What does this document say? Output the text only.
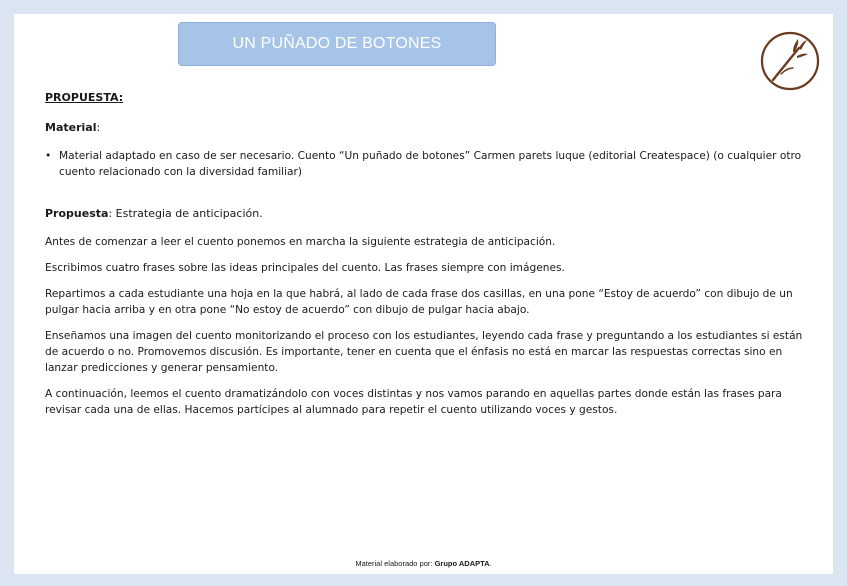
UN PUÑADO DE BOTONES

PROPUESTA:

Material:

• Material adaptado en caso de ser necesario. Cuento “Un puñado de botones” Carmen parets luque (editorial Createspace) (o cualquier otro cuento relacionado con la diversidad familiar)

Propuesta: Estrategia de anticipación.

Antes de comenzar a leer el cuento ponemos en marcha la siguiente estrategia de anticipación.

Escribimos cuatro frases sobre las ideas principales del cuento. Las frases siempre con imágenes.

Repartimos a cada estudiante una hoja en la que habrá, al lado de cada frase dos casillas, en una pone “Estoy de acuerdo” con dibujo de un pulgar hacia arriba y en otra pone “No estoy de acuerdo” con dibujo de pulgar hacia abajo.

Enseñamos una imagen del cuento monitorizando el proceso con los estudiantes, leyendo cada frase y preguntando a los estudiantes si están de acuerdo o no. Promovemos discusión. Es importante, tener en cuenta que el énfasis no está en marcar las respuestas correctas sino en lanzar predicciones y generar pensamiento.

A continuación, leemos el cuento dramatizándolo con voces distintas y nos vamos parando en aquellas partes donde están las frases para revisar cada una de ellas. Hacemos partícipes al alumnado para repetir el cuento utilizando voces y gestos.

Material elaborado por: Grupo ADAPTA.
